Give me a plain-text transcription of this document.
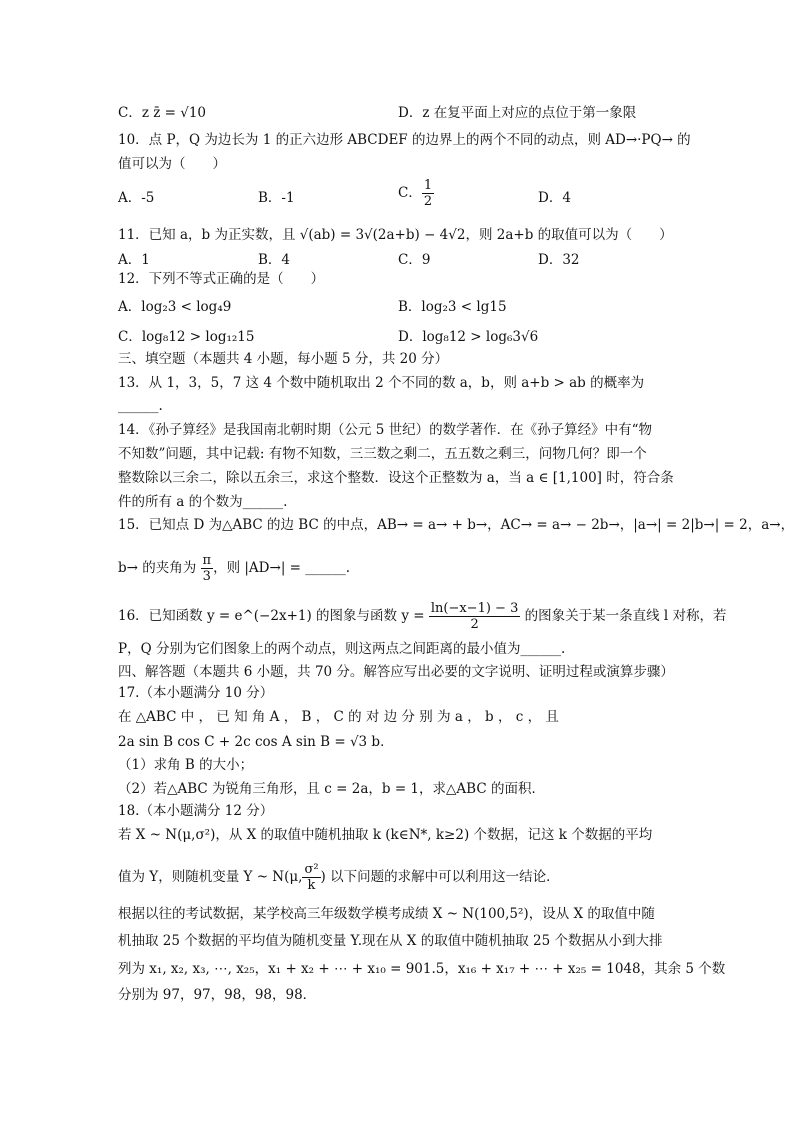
C．z z̄ = √10	D．z 在复平面上对应的点位于第一象限
10．点 P，Q 为边长为 1 的正六边形 ABCDEF 的边界上的两个不同的动点，则 AD→·PQ→ 的
值可以为（　　）
A．-5	B．-1	C． $\frac{1}{2}$	D．4
11．已知 a，b 为正实数，且 √(ab) = 3√(2a+b) − 4√2，则 2a+b 的取值可以为（　　）
A．1	B．4	C．9	D．32
12．下列不等式正确的是（　　）
A．log₂3 < log₄9	B．log₂3 < lg15
C．log₈12 > log₁₂15	D．log₈12 > log₆3√6
三、填空题（本题共 4 小题，每小题 5 分，共 20 分）
13．从 1，3，5，7 这 4 个数中随机取出 2 个不同的数 a，b，则 a+b > ab 的概率为
______.
14．《孙子算经》是我国南北朝时期（公元 5 世纪）的数学著作．在《孙子算经》中有“物
不知数”问题，其中记载: 有物不知数，三三数之剩二，五五数之剩三，问物几何？即一个
整数除以三余二，除以五余三，求这个整数．设这个正整数为 a，当 a ∈ [1,100] 时，符合条
件的所有 a 的个数为______.
15．已知点 D 为△ABC 的边 BC 的中点，AB→ = a→ + b→，AC→ = a→ − 2b→，|a→| = 2|b→| = 2，a→，
b→ 的夹角为 $\frac{\pi}{3}$ ，则 |AD→| = ______.
16．已知函数 y = e^(−2x+1) 的图象与函数 $y = \frac{\ln(-x-1) - 3}{2}$ 的图象关于某一条直线 l 对称，若
P，Q 分别为它们图象上的两个动点，则这两点之间距离的最小值为______.
四、解答题（本题共 6 小题，共 70 分。解答应写出必要的文字说明、证明过程或演算步骤）
17.（本小题满分 10 分）
在 △ABC 中 ， 已 知 角 A ， B ， C 的 对 边 分 别 为 a ， b ， c ， 且
2a sin B cos C + 2c cos A sin B = √3 b．
（1）求角 B 的大小；
（2）若△ABC 为锐角三角形，且 c = 2a，b = 1，求△ABC 的面积．
18.（本小题满分 12 分）
若 X ~ N(μ,σ²)，从 X 的取值中随机抽取 k (k∈N*, k≥2) 个数据，记这 k 个数据的平均
值为 Y，则随机变量 Y ~ N(μ, $\frac{\text{σ²}}{k}$ ) 以下问题的求解中可以利用这一结论．
根据以往的考试数据，某学校高三年级数学模考成绩 X ~ N(100,5²)，设从 X 的取值中随
机抽取 25 个数据的平均值为随机变量 Y.现在从 X 的取值中随机抽取 25 个数据从小到大排
列为 x₁, x₂, x₃, ⋯, x₂₅，x₁ + x₂ + ⋯ + x₁₀ = 901.5，x₁₆ + x₁₇ + ⋯ + x₂₅ = 1048，其余 5 个数
分别为 97，97，98，98，98．
